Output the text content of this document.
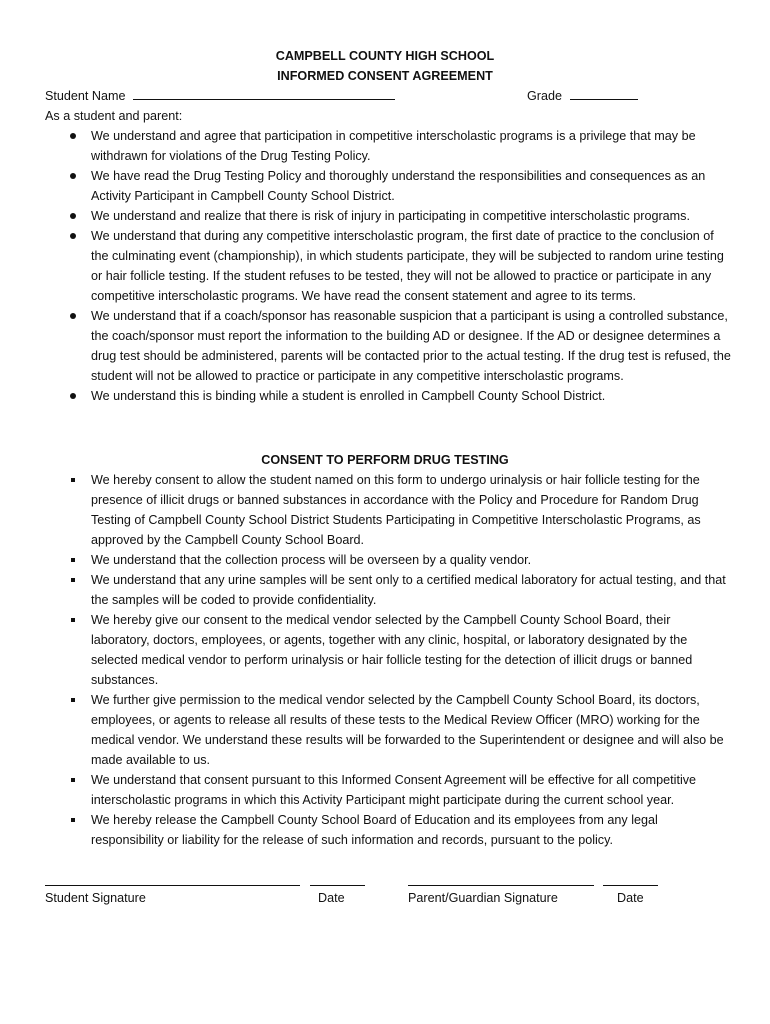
CAMPBELL COUNTY HIGH SCHOOL
INFORMED CONSENT AGREEMENT
Student Name	Grade
As a student and parent:
We understand and agree that participation in competitive interscholastic programs is a privilege that may be withdrawn for violations of the Drug Testing Policy.
We have read the Drug Testing Policy and thoroughly understand the responsibilities and consequences as an Activity Participant in Campbell County School District.
We understand and realize that there is risk of injury in participating in competitive interscholastic programs.
We understand that during any competitive interscholastic program, the first date of practice to the conclusion of the culminating event (championship), in which students participate, they will be subjected to random urine testing or hair follicle testing. If the student refuses to be tested, they will not be allowed to practice or participate in any competitive interscholastic programs. We have read the consent statement and agree to its terms.
We understand that if a coach/sponsor has reasonable suspicion that a participant is using a controlled substance, the coach/sponsor must report the information to the building AD or designee. If the AD or designee determines a drug test should be administered, parents will be contacted prior to the actual testing. If the drug test is refused, the student will not be allowed to practice or participate in any competitive interscholastic programs.
We understand this is binding while a student is enrolled in Campbell County School District.
CONSENT TO PERFORM DRUG TESTING
We hereby consent to allow the student named on this form to undergo urinalysis or hair follicle testing for the presence of illicit drugs or banned substances in accordance with the Policy and Procedure for Random Drug Testing of Campbell County School District Students Participating in Competitive Interscholastic Programs, as approved by the Campbell County School Board.
We understand that the collection process will be overseen by a quality vendor.
We understand that any urine samples will be sent only to a certified medical laboratory for actual testing, and that the samples will be coded to provide confidentiality.
We hereby give our consent to the medical vendor selected by the Campbell County School Board, their laboratory, doctors, employees, or agents, together with any clinic, hospital, or laboratory designated by the selected medical vendor to perform urinalysis or hair follicle testing for the detection of illicit drugs or banned substances.
We further give permission to the medical vendor selected by the Campbell County School Board, its doctors, employees, or agents to release all results of these tests to the Medical Review Officer (MRO) working for the medical vendor. We understand these results will be forwarded to the Superintendent or designee and will also be made available to us.
We understand that consent pursuant to this Informed Consent Agreement will be effective for all competitive interscholastic programs in which this Activity Participant might participate during the current school year.
We hereby release the Campbell County School Board of Education and its employees from any legal responsibility or liability for the release of such information and records, pursuant to the policy.
Student Signature	Date	Parent/Guardian Signature	Date
